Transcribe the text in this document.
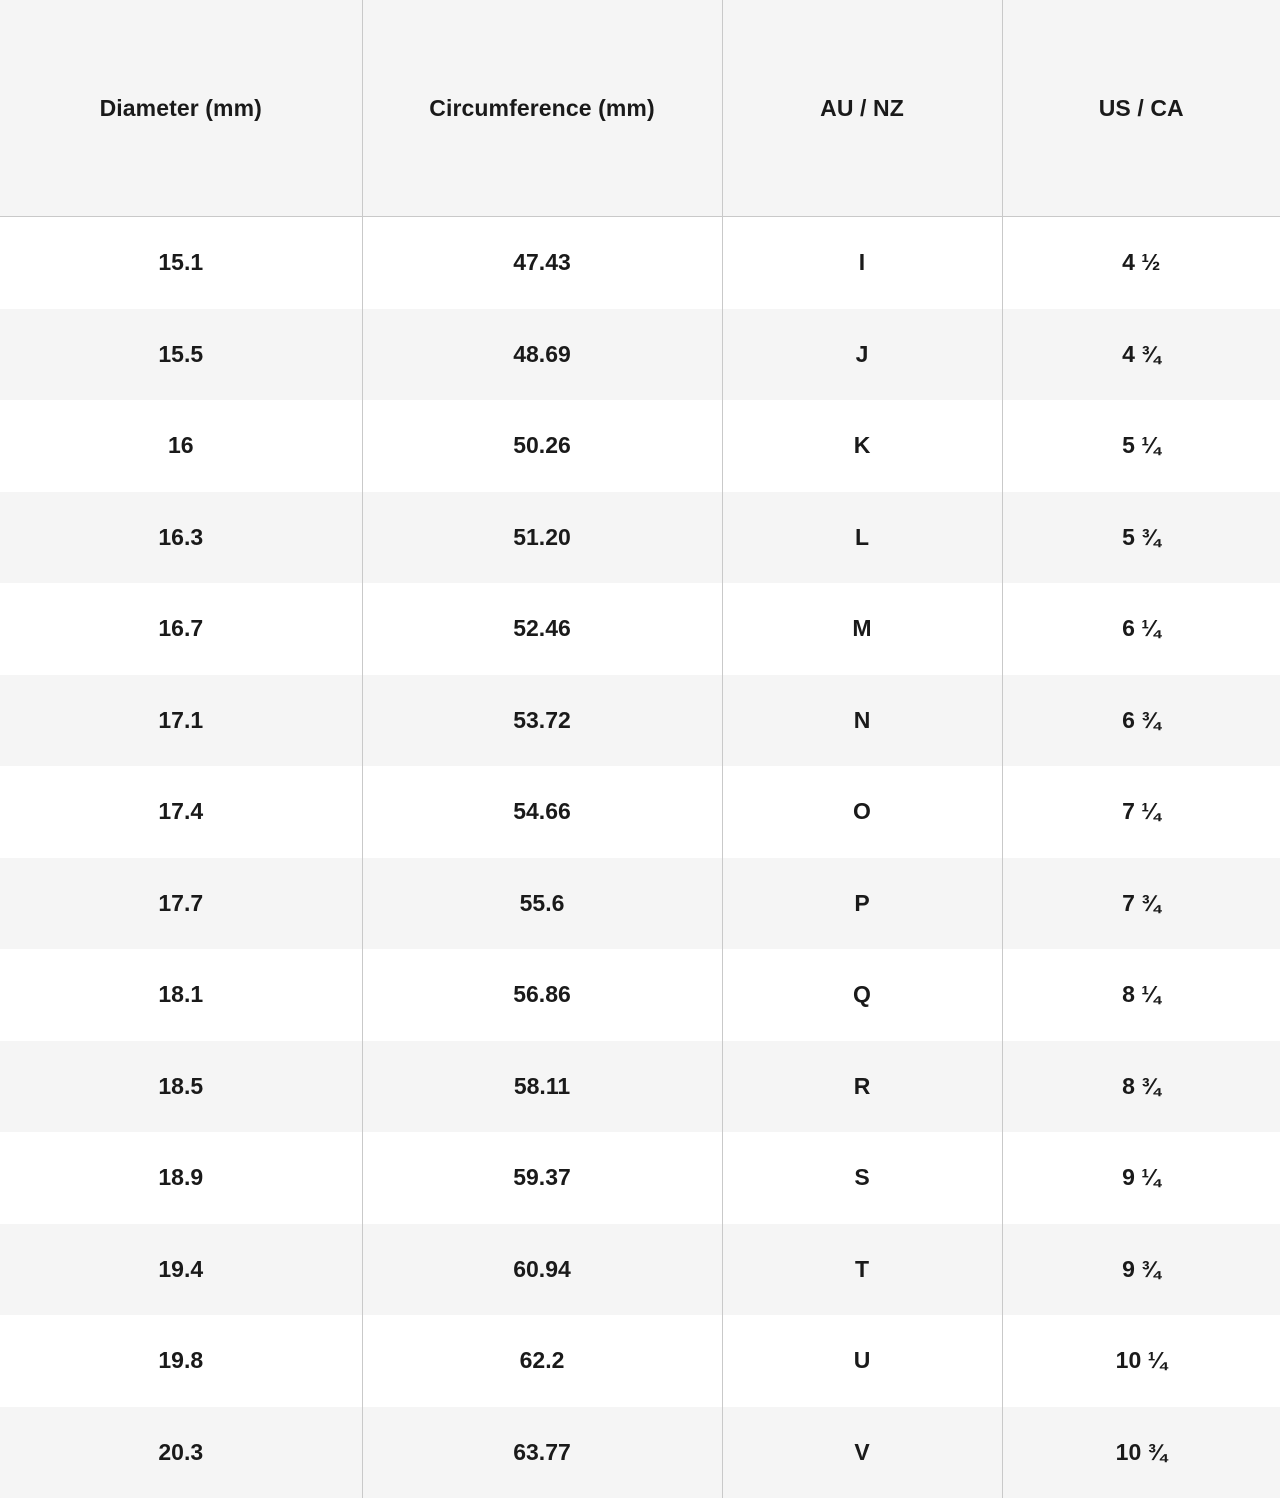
Diameter (mm)	Circumference (mm)	AU / NZ	US / CA
15.1	47.43	I	4 ½
15.5	48.69	J	4 ¾
16	50.26	K	5 ¼
16.3	51.20	L	5 ¾
16.7	52.46	M	6 ¼
17.1	53.72	N	6 ¾
17.4	54.66	O	7 ¼
17.7	55.6	P	7 ¾
18.1	56.86	Q	8 ¼
18.5	58.11	R	8 ¾
18.9	59.37	S	9 ¼
19.4	60.94	T	9 ¾
19.8	62.2	U	10 ¼
20.3	63.77	V	10 ¾
